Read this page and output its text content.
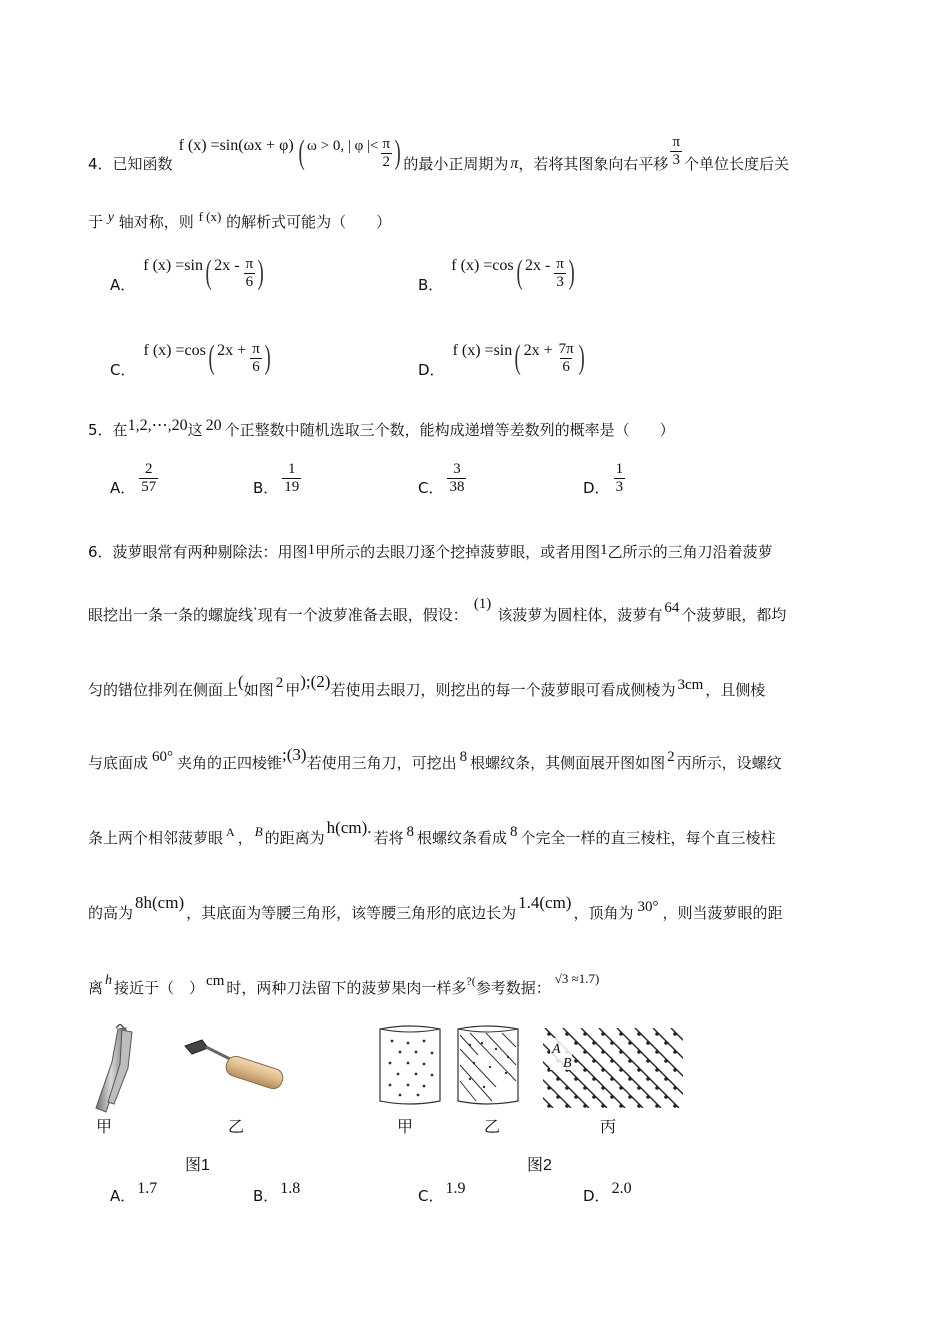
4． 已知函数
f (x) =sin(ωx + φ) ( ω > 0, | φ |< $\frac{\pi}{2}$ ) 的最小正周期为 π ，若将其图象向右平移 $\frac{\pi}{3}$ 个单位长度后关
于 y 轴对称，则 f (x) 的解析式可能为（　　）
A．
f (x) =sin ( $2x - \frac{\pi}{6}$ )	B．
f (x) =cos ( $2x - \frac{\pi}{3}$ )
C．
f (x) =cos ( $2x + \frac{\pi}{6}$ )	D．
f (x) =sin ( $2x + \frac{7\pi}{6}$ )
5． 在 1,2,⋯,20 这 20 个正整数中随机选取三个数，能构成递增等差数列的概率是（　　）
A． $\frac{2}{57}$	B． $\frac{1}{19}$	C． $\frac{3}{38}$	D． $\frac{1}{3}$
6．菠萝眼常有两种剔除法：用图1甲所示的去眼刀逐个挖掉菠萝眼，或者用图1乙所示的三角刀沿着菠萝
眼挖出一条一条的螺旋线·现有一个波萝准备去眼，假设：(1)该菠萝为圆柱体，菠萝有 64 个菠萝眼，都均
匀的错位排列在侧面上(如图 2 甲);(2)若使用去眼刀，则挖出的每一个菠萝眼可看成侧棱为 3cm ，且侧棱
与底面成 60° 夹角的正四棱锥;(3)若使用三角刀，可挖出 8 根螺纹条，其侧面展开图如图 2 丙所示，设螺纹
条上两个相邻菠萝眼 $^A$ ， B 的距离为h(cm).若将 8 根螺纹条看成 8 个完全一样的直三棱柱，每个直三棱柱
的高为8h(cm)，其底面为等腰三角形，该等腰三角形的底边长为1.4(cm)，顶角为 30° ，则当菠萝眼的距
离 h 接近于（　） cm 时，两种刀法留下的菠萝果肉一样多?(参考数据：√3 ≈1.7)
甲	乙
图1
A
B
甲	乙	丙
图2
A． 1.7	B． 1.8	C． 1.9	D． 2.0
